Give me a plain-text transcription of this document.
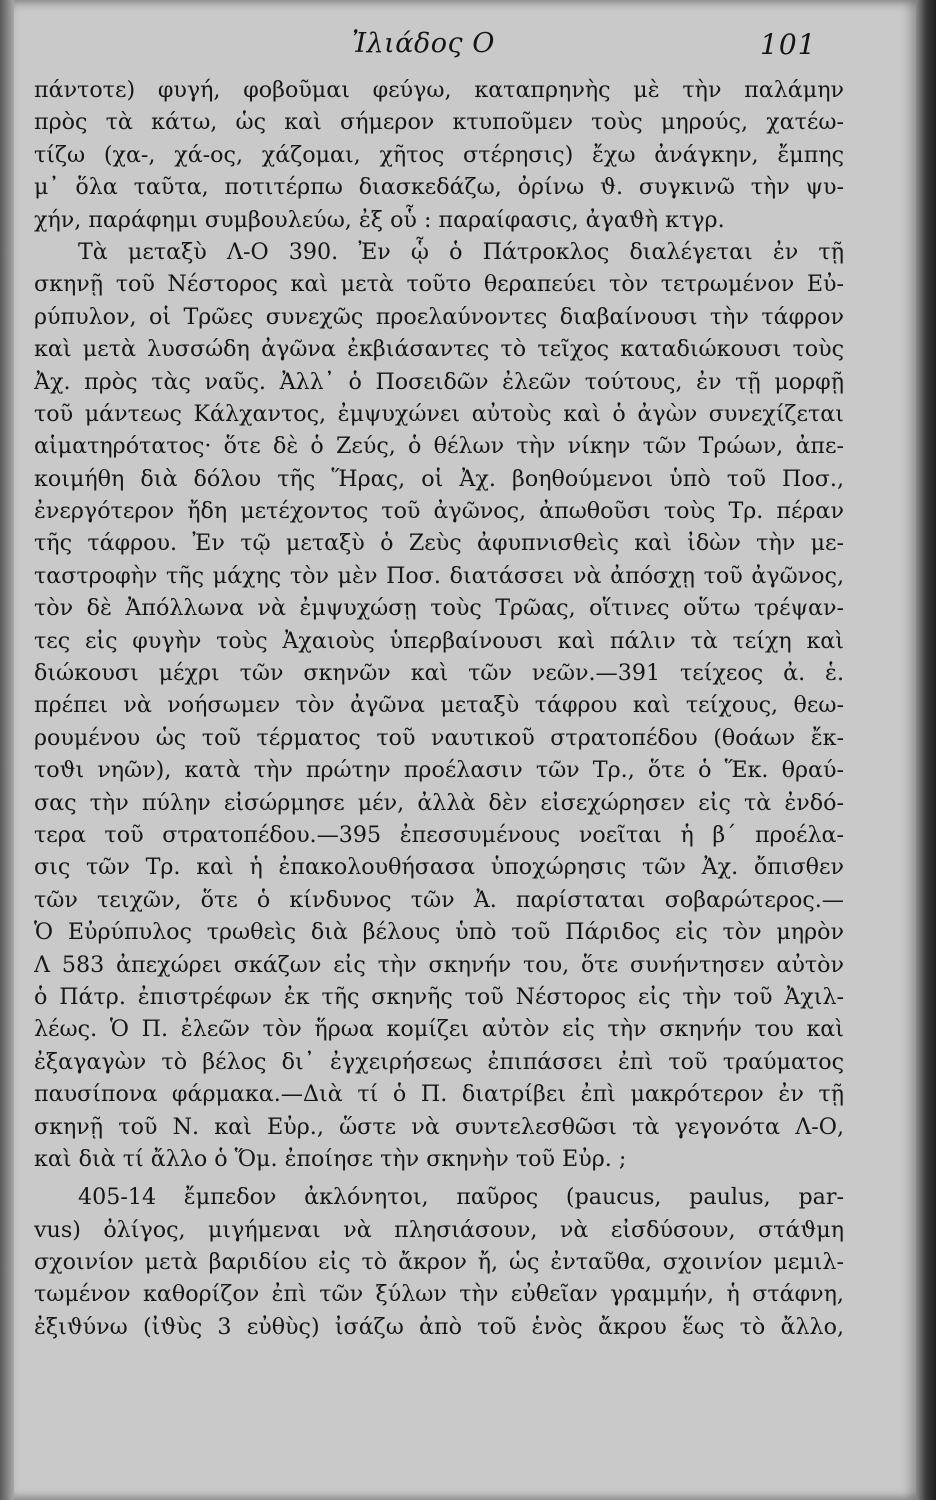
Ἰλιάδος Ο	101
πάντοτε) φυγή, φοβοῦμαι φεύγω, καταπρηνὴς μὲ τὴν παλάμην
πρὸς τὰ κάτω, ὡς καὶ σήμερον κτυποῦμεν τοὺς μηρούς, χατέω-
τίζω (χα-, χά-ος, χάζομαι, χῆτος στέρησις) ἔχω ἀνάγκην, ἔμπης
μ᾿ ὅλα ταῦτα, ποτιτέρπω διασκεδάζω, ὀρίνω ϑ. συγκινῶ τὴν ψυ-
χήν, παράφημι συμβουλεύω, ἐξ οὗ : παραίφασις, ἀγαϑὴ κτγρ.
Τὰ μεταξὺ Λ-Ο 390. Ἐν ᾧ ὁ Πάτροκλος διαλέγεται ἐν τῇ
σκηνῇ τοῦ Νέστορος καὶ μετὰ τοῦτο θεραπεύει τὸν τετρωμένον Εὐ-
ρύπυλον, οἱ Τρῶες συνεχῶς προελαύνοντες διαβαίνουσι τὴν τάφρον
καὶ μετὰ λυσσώδη ἀγῶνα ἐκβιάσαντες τὸ τεῖχος καταδιώκουσι τοὺς
Ἀχ. πρὸς τὰς ναῦς. Ἀλλ᾿ ὁ Ποσειδῶν ἐλεῶν τούτους, ἐν τῇ μορφῇ
τοῦ μάντεως Κάλχαντος, ἐμψυχώνει αὐτοὺς καὶ ὁ ἀγὼν συνεχίζεται
αἱματηρότατος· ὅτε δὲ ὁ Ζεύς, ὁ θέλων τὴν νίκην τῶν Τρώων, ἀπε-
κοιμήθη διὰ δόλου τῆς Ἥρας, οἱ Ἀχ. βοηθούμενοι ὑπὸ τοῦ Ποσ.,
ἐνεργότερον ἤδη μετέχοντος τοῦ ἀγῶνος, ἀπωθοῦσι τοὺς Τρ. πέραν
τῆς τάφρου. Ἐν τῷ μεταξὺ ὁ Ζεὺς ἀφυπνισθεὶς καὶ ἰδὼν τὴν με-
ταστροφὴν τῆς μάχης τὸν μὲν Ποσ. διατάσσει νὰ ἀπόσχῃ τοῦ ἀγῶνος,
τὸν δὲ Ἀπόλλωνα νὰ ἐμψυχώσῃ τοὺς Τρῶας, οἵτινες οὕτω τρέψαν-
τες εἰς φυγὴν τοὺς Ἀχαιοὺς ὑπερβαίνουσι καὶ πάλιν τὰ τείχη καὶ
διώκουσι μέχρι τῶν σκηνῶν καὶ τῶν νεῶν.—391 τείχεος ἀ. ἑ.
πρέπει νὰ νοήσωμεν τὸν ἀγῶνα μεταξὺ τάφρου καὶ τείχους, θεω-
ρουμένου ὡς τοῦ τέρματος τοῦ ναυτικοῦ στρατοπέδου (θοάων ἔκ-
τοϑι νηῶν), κατὰ τὴν πρώτην προέλασιν τῶν Τρ., ὅτε ὁ Ἕκ. θραύ-
σας τὴν πύλην εἰσώρμησε μέν, ἀλλὰ δὲν εἰσεχώρησεν εἰς τὰ ἐνδό-
τερα τοῦ στρατοπέδου.—395 ἐπεσσυμένους νοεῖται ἡ β΄ προέλα-
σις τῶν Τρ. καὶ ἡ ἐπακολουθήσασα ὑποχώρησις τῶν Ἀχ. ὄπισθεν
τῶν τειχῶν, ὅτε ὁ κίνδυνος τῶν Ἀ. παρίσταται σοβαρώτερος.—
Ὁ Εὐρύπυλος τρωθεὶς διὰ βέλους ὑπὸ τοῦ Πάριδος εἰς τὸν μηρὸν
Λ 583 ἀπεχώρει σκάζων εἰς τὴν σκηνήν του, ὅτε συνήντησεν αὐτὸν
ὁ Πάτρ. ἐπιστρέφων ἐκ τῆς σκηνῆς τοῦ Νέστορος εἰς τὴν τοῦ Ἀχιλ-
λέως. Ὁ Π. ἐλεῶν τὸν ἥρωα κομίζει αὐτὸν εἰς τὴν σκηνήν του καὶ
ἐξαγαγὼν τὸ βέλος δι᾿ ἐγχειρήσεως ἐπιπάσσει ἐπὶ τοῦ τραύματος
παυσίπονα φάρμακα.—Διὰ τί ὁ Π. διατρίβει ἐπὶ μακρότερον ἐν τῇ
σκηνῇ τοῦ Ν. καὶ Εὐρ., ὥστε νὰ συντελεσθῶσι τὰ γεγονότα Λ-Ο,
καὶ διὰ τί ἄλλο ὁ Ὅμ. ἐποίησε τὴν σκηνὴν τοῦ Εὐρ. ;
405-14 ἔμπεδον ἀκλόνητοι, παῦρος (paucus, paulus, par-
vus) ὀλίγος, μιγήμεναι νὰ πλησιάσουν, νὰ εἰσδύσουν, στάϑμη
σχοινίον μετὰ βαριδίου εἰς τὸ ἄκρον ἤ, ὡς ἐνταῦθα, σχοινίον μεμιλ-
τωμένον καθορίζον ἐπὶ τῶν ξύλων τὴν εὐθεῖαν γραμμήν, ἡ στάφνη,
ἐξιϑύνω (ἰϑὺς 3 εὐθὺς) ἰσάζω ἀπὸ τοῦ ἑνὸς ἄκρου ἕως τὸ ἄλλο,
